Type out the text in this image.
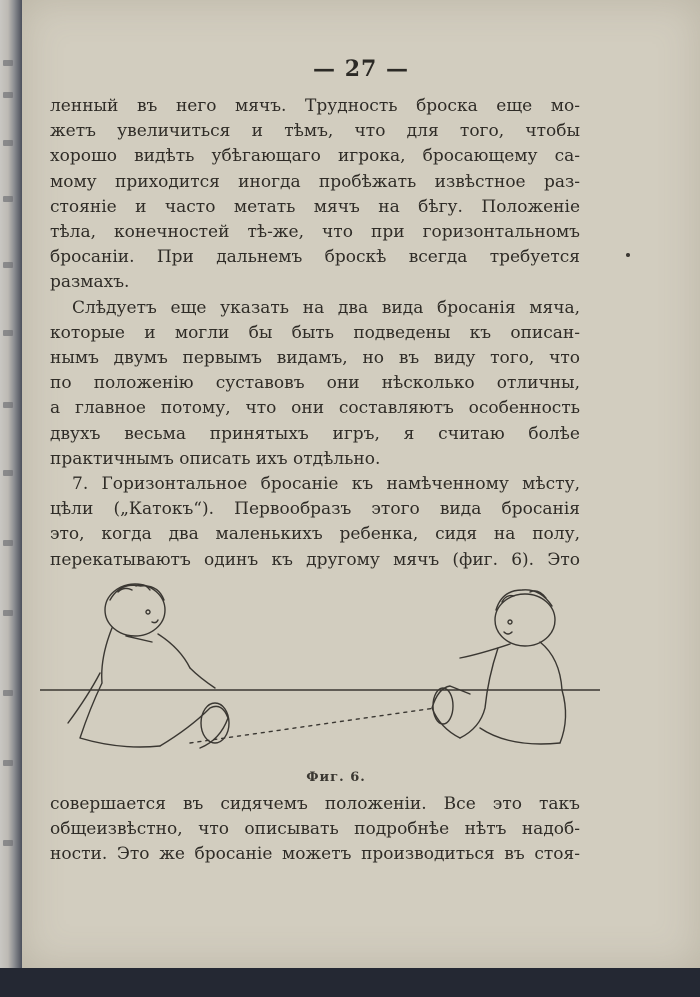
— 27 —
ленный въ него мячъ. Трудность броска еще мо-
жетъ увеличиться и тѣмъ, что для того, чтобы
хорошо видѣть убѣгающаго игрока, бросающему са-
мому приходится иногда пробѣжать извѣстное раз-
стояніе и часто метать мячъ на бѣгу. Положеніе
тѣла, конечностей тѣ-же, что при горизонтальномъ
бросаніи. При дальнемъ броскѣ всегда требуется
размахъ.
Слѣдуетъ еще указать на два вида бросанія мяча,
которые и могли бы быть подведены къ описан-
нымъ двумъ первымъ видамъ, но въ виду того, что
по положенію суставовъ они нѣсколько отличны,
а главное потому, что они составляютъ особенность
двухъ весьма принятыхъ игръ, я считаю болѣе
практичнымъ описать ихъ отдѣльно.
7. Горизонтальное бросаніе къ намѣченному мѣсту,
цѣли („Катокъ“). Первообразъ этого вида бросанія
это, когда два маленькихъ ребенка, сидя на полу,
перекатываютъ одинъ къ другому мячъ (фиг. 6). Это
Фиг. 6.
совершается въ сидячемъ положеніи. Все это такъ
общеизвѣстно, что описывать подробнѣе нѣтъ надоб-
ности. Это же бросаніе можетъ производиться въ стоя-
